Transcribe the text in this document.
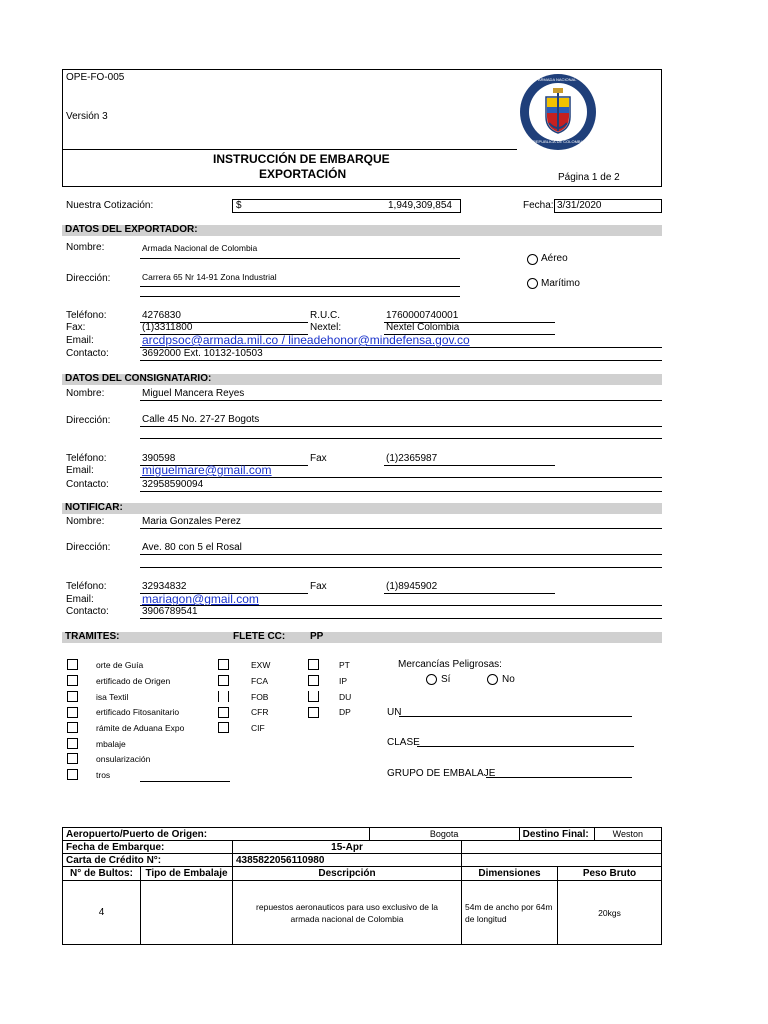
OPE-FO-005
Versión 3
ARMADA NACIONAL
REPUBLICA DE COLOMBIA
INSTRUCCIÓN DE EMBARQUE
EXPORTACIÓN	Página 1 de 2
Nuestra Cotización:	$	1,949,309,854	Fecha: 3/31/2020
DATOS DEL EXPORTADOR:
Nombre:	Armada Nacional de Colombia
Dirección:	Carrera 65 Nr 14-91 Zona Industrial
Aéreo
Marítimo
Teléfono:	4276830	R.U.C.	1760000740001
Fax:	(1)3311800	Nextel:	Nextel Colombia
Email:	arcdpsoc@armada.mil.co / lineadehonor@mindefensa.gov.co
Contacto:	3692000 Ext. 10132-10503
DATOS DEL CONSIGNATARIO:
Nombre:	Miguel Mancera Reyes
Dirección:	Calle 45 No. 27-27 Bogots
Teléfono:	390598	Fax	(1)2365987
Email:	miguelmare@gmail.com
Contacto:	32958590094
NOTIFICAR:
Nombre:	Maria Gonzales Perez
Dirección:	Ave. 80 con 5 el Rosal
Teléfono:	32934832	Fax	(1)8945902
Email:	mariagon@gmail.com
Contacto:	3906789541
TRAMITES:	FLETE CC: PP
orte de Guía
ertificado de Origen
isa Textil
ertificado Fitosanitario
rámite de Aduana Expo
mbalaje
onsularización
tros
EXW
FCA
FOB
CFR
CIF
PT
IP
DU
DP
Mercancías Peligrosas:
Sí	No
UN
CLASE
GRUPO DE EMBALAJE
Aeropuerto/Puerto de Origen:	Bogota	Destino Final:	Weston
Fecha de Embarque:		15-Apr		
Carta de Crédito N°:		4385822056110980		
N° de Bultos:	Tipo de Embalaje	Descripción	Dimensiones	Peso Bruto
4		repuestos aeronauticos para uso exclusivo de la armada nacional de Colombia	54m de ancho por 64m de longitud	20kgs
